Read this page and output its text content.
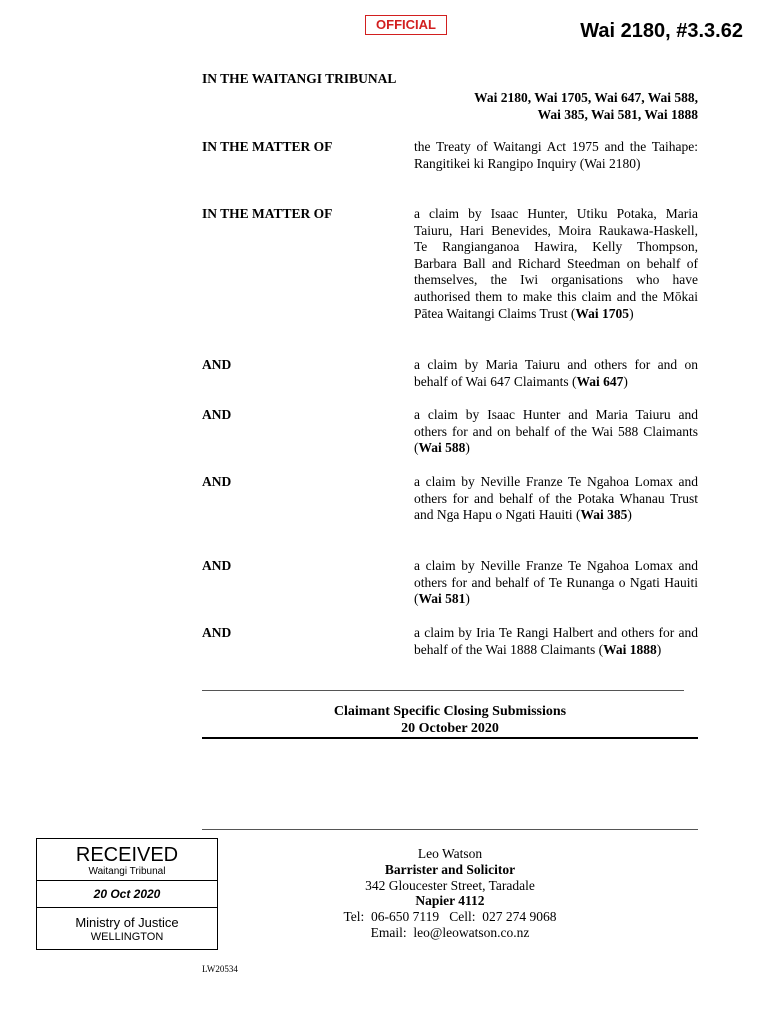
OFFICIAL	Wai 2180, #3.3.62
IN THE WAITANGI TRIBUNAL
Wai 2180, Wai 1705, Wai 647, Wai 588,
Wai 385, Wai 581, Wai 1888
IN THE MATTER OF	the Treaty of Waitangi Act 1975 and the Taihape: Rangitikei ki Rangipo Inquiry (Wai 2180)
IN THE MATTER OF	a claim by Isaac Hunter, Utiku Potaka, Maria Taiuru, Hari Benevides, Moira Raukawa-Haskell, Te Rangianganoa Hawira, Kelly Thompson, Barbara Ball and Richard Steedman on behalf of themselves, the Iwi organisations who have authorised them to make this claim and the Mōkai Pātea Waitangi Claims Trust (Wai 1705)
AND	a claim by Maria Taiuru and others for and on behalf of Wai 647 Claimants (Wai 647)
AND	a claim by Isaac Hunter and Maria Taiuru and others for and on behalf of the Wai 588 Claimants (Wai 588)
AND	a claim by Neville Franze Te Ngahoa Lomax and others for and behalf of the Potaka Whanau Trust and Nga Hapu o Ngati Hauiti (Wai 385)
AND	a claim by Neville Franze Te Ngahoa Lomax and others for and behalf of Te Runanga o Ngati Hauiti (Wai 581)
AND	a claim by Iria Te Rangi Halbert and others for and behalf of the Wai 1888 Claimants (Wai 1888)
Claimant Specific Closing Submissions
20 October 2020
RECEIVED
Waitangi Tribunal
20 Oct 2020
Ministry of Justice
WELLINGTON
Leo Watson
Barrister and Solicitor
342 Gloucester Street, Taradale
Napier 4112
Tel:  06-650 7119   Cell:  027 274 9068
Email:  leo@leowatson.co.nz
LW20534
